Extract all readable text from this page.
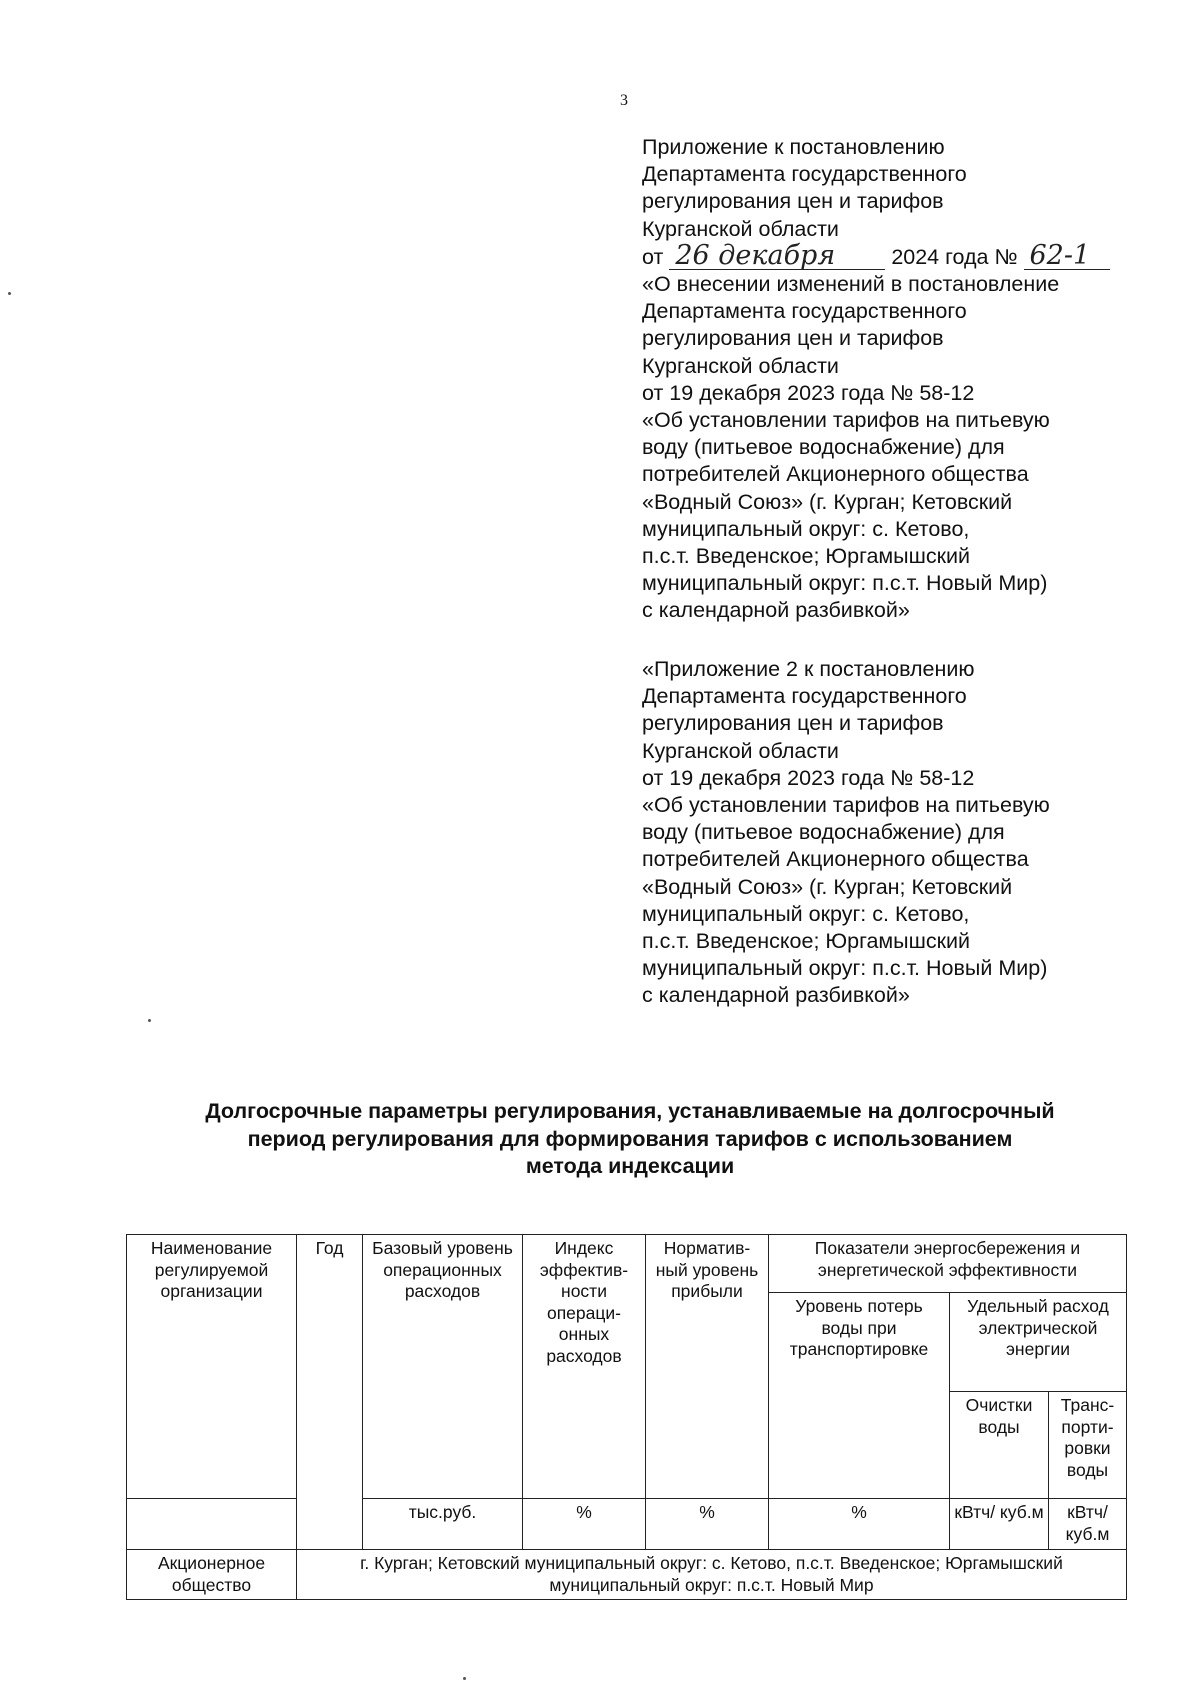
3
Приложение к постановлению
Департамента государственного
регулирования цен и тарифов
Курганской области
от 26 декабря	2024 года № 62-1
«О внесении изменений в постановление
Департамента государственного
регулирования цен и тарифов
Курганской области
от 19 декабря 2023 года № 58-12
«Об установлении тарифов на питьевую
воду (питьевое водоснабжение) для
потребителей Акционерного общества
«Водный Союз» (г. Курган; Кетовский
муниципальный округ: с. Кетово,
п.с.т. Введенское; Юргамышский
муниципальный округ: п.с.т. Новый Мир)
с календарной разбивкой»
«Приложение 2 к постановлению
Департамента государственного
регулирования цен и тарифов
Курганской области
от 19 декабря 2023 года № 58-12
«Об установлении тарифов на питьевую
воду (питьевое водоснабжение) для
потребителей Акционерного общества
«Водный Союз» (г. Курган; Кетовский
муниципальный округ: с. Кетово,
п.с.т. Введенское; Юргамышский
муниципальный округ: п.с.т. Новый Мир)
с календарной разбивкой»
Долгосрочные параметры регулирования, устанавливаемые на долгосрочный
период регулирования для формирования тарифов с использованием
метода индексации
Наименование регулируемой организации	Год	Базовый уровень операционных расходов	Индекс эффектив-ности операци-онных расходов	Норматив-ный уровень прибыли	Показатели энергосбережения и энергетической эффективности		
					Уровень потерь воды при транспортировке	Удельный расход электрической энергии	
						Очистки воды	Транс-порти-ровки воды
		тыс.руб.	%	%	%	кВтч/ куб.м	кВтч/ куб.м
Акционерное общество	г. Курган; Кетовский муниципальный округ: с. Кетово, п.с.т. Введенское; Юргамышский муниципальный округ: п.с.т. Новый Мир						
